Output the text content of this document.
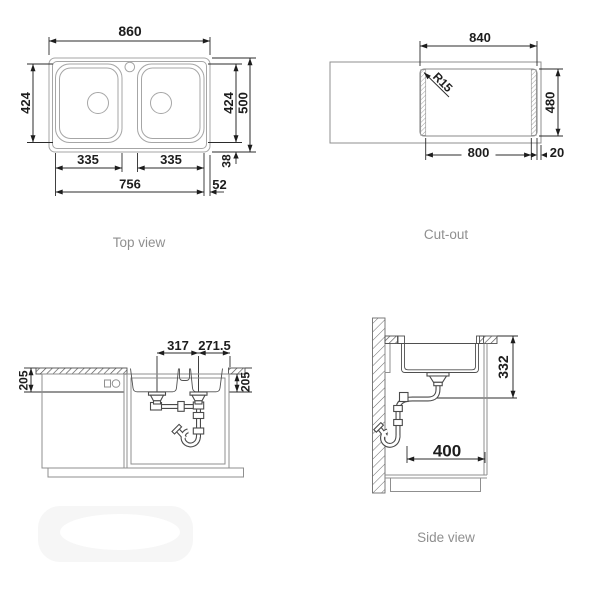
860
424	424 500
335	335
756
38
52
Top view
R15
840
480
800	20
Cut-out
317 271.5
205	205
332
400
Side view
